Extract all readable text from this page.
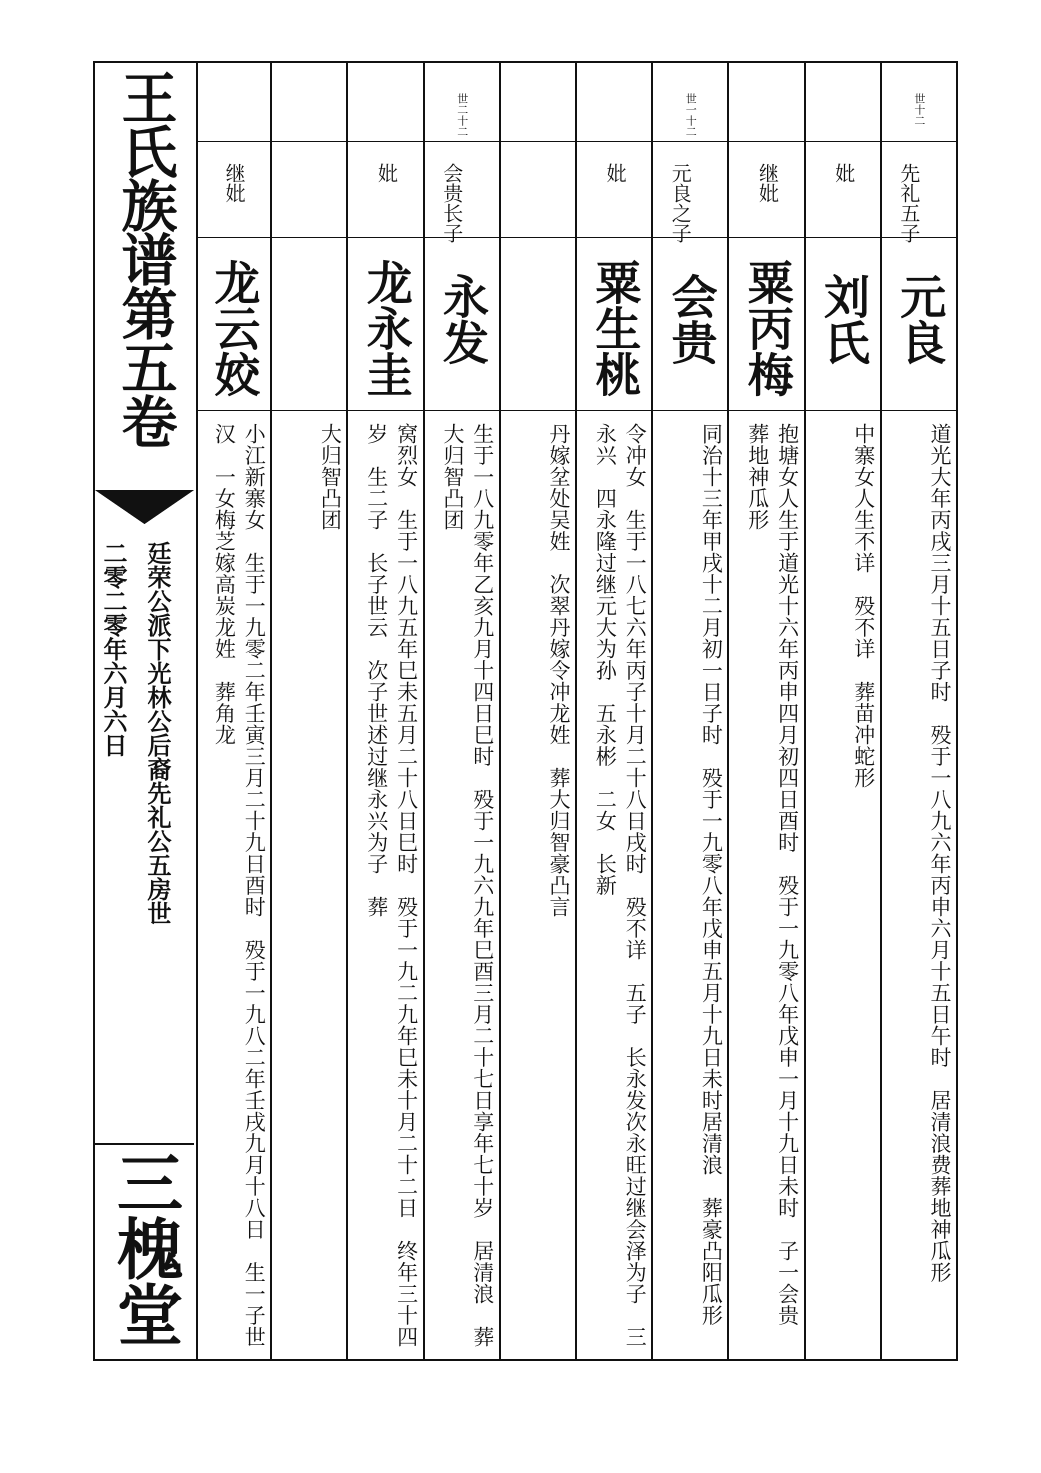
王氏族谱第五卷
廷荣公派下光林公后裔先礼公五房世
二零二零年六月六日
三槐堂
世十二
先礼五子
元良
道光大年丙戌三月十五日子时　殁于一八九六年丙申六月十五日午时　居清浪费葬地神瓜形
妣
刘氏
中寨女人生不详　殁不详　葬苗冲蛇形
继妣
粟丙梅
抱塘女人生于道光十六年丙申四月初四日酉时　殁于一九零八年戊申一月十九日未时　子一会贵　葬地神瓜形
世一十二
元良之子
会贵
同治十三年甲戌十二月初一日子时　殁于一九零八年戊申五月十九日未时居清浪　葬豪凸阳瓜形
妣
粟生桃
令冲女　生于一八七六年丙子十月二十八日戌时　殁不详　五子　长永发次永旺过继会泽为子　三永兴　四永隆过继元大为孙　五永彬　二女　长新
丹嫁坌处吴姓　次翠丹嫁令冲龙姓　葬大归智豪凸言
世二十二
会贵长子
永发
生于一八九零年乙亥九月十四日巳时　殁于一九六九年巳酉三月二十七日享年七十岁　居清浪　葬大归智凸团
妣
龙永圭
窝烈女　生于一八九五年巳未五月二十八日巳时　殁于一九二九年巳未十月二十二日　终年三十四岁　生二子　长子世云　次子世述过继永兴为子　葬
大归智凸团
继妣
龙云姣
小江新寨女　生于一九零二年壬寅三月二十九日酉时　殁于一九八二年壬戌九月十八日　生一子世汉　一女梅芝嫁高炭龙姓　葬角龙
